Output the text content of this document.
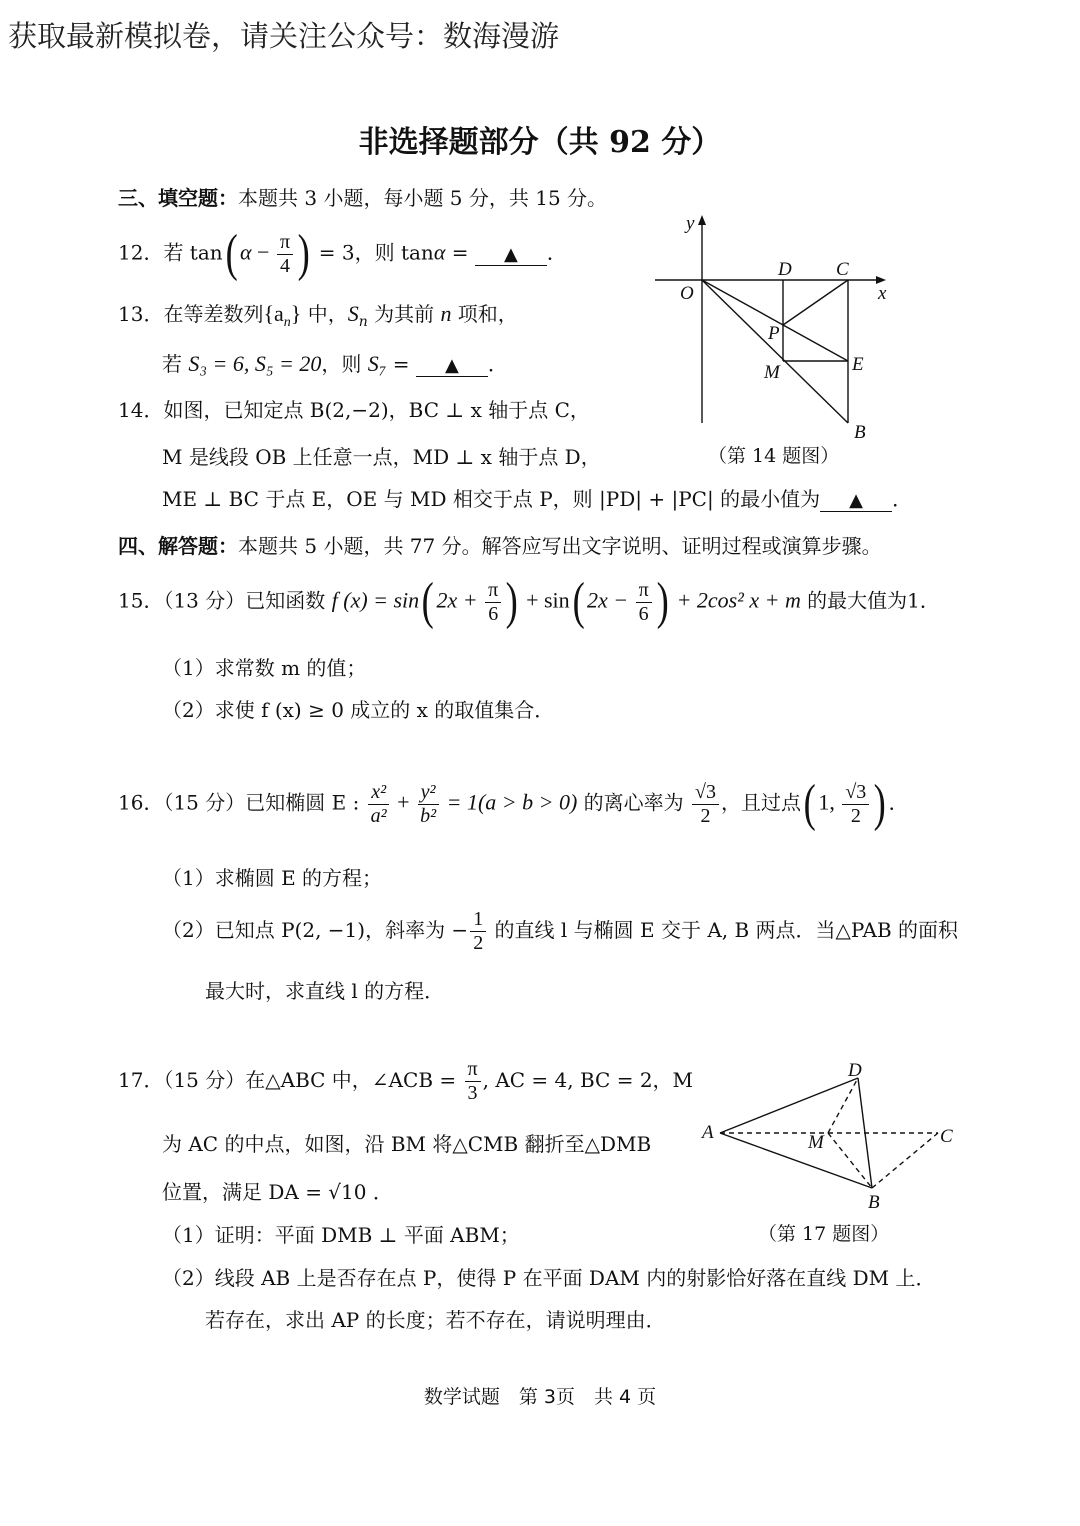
获取最新模拟卷，请关注公众号：数海漫游
非选择题部分（共 92 分）
三、填空题：本题共 3 小题，每小题 5 分，共 15 分。
12．若 tan( $\alpha - \frac{\pi}{4}$ ) = 3，则 tanα = ▲ ．
13．在等差数列$\{a_n\}$ 中，$S_n$ 为其前 n 项和，
若 S₃ = 6, S₅ = 20，则 S₇ = ▲ ．
14．如图，已知定点 B(2,−2)，BC ⊥ x 轴于点 C，
M 是线段 OB 上任意一点，MD ⊥ x 轴于点 D，
ME ⊥ BC 于点 E，OE 与 MD 相交于点 P，则 |PD| + |PC| 的最小值为 ▲ ．
y
x
O
D C
P
M	E
B
（第 14 题图）
四、解答题：本题共 5 小题，共 77 分。解答应写出文字说明、证明过程或演算步骤。
15．（13 分）已知函数 f (x) = sin( $2x + \frac{\pi}{6}$ ) + sin( $2x - \frac{\pi}{6}$ ) + 2cos² x + m 的最大值为1．
（1）求常数 m 的值；
（2）求使 f (x) ≥ 0 成立的 x 的取值集合．
16．（15 分）已知椭圆 E : $\frac{\text{x²}}{\text{a²}} + \frac{\text{y²}}{\text{b²}} = 1(a > b > 0)$ 的离心率为 $\frac{√3}{2}$ ，且过点( 1, $\frac{√3}{2}$ ) ．
（1）求椭圆 E 的方程；
（2）已知点 P(2, −1)，斜率为 − $\frac{1}{2}$ 的直线 l 与椭圆 E 交于 A, B 两点．当△PAB 的面积
最大时，求直线 l 的方程．
17．（15 分）在△ABC 中，∠ACB = $\frac{\pi}{3}$ , AC = 4, BC = 2，M
为 AC 的中点，如图，沿 BM 将△CMB 翻折至△DMB
位置，满足 DA = √10 ．
（1）证明：平面 DMB ⊥ 平面 ABM；
（2）线段 AB 上是否存在点 P，使得 P 在平面 DAM 内的射影恰好落在直线 DM 上．
若存在，求出 AP 的长度；若不存在，请说明理由．
D
A	M	C
B
（第 17 题图）
数学试题　第 3页　共 4 页
